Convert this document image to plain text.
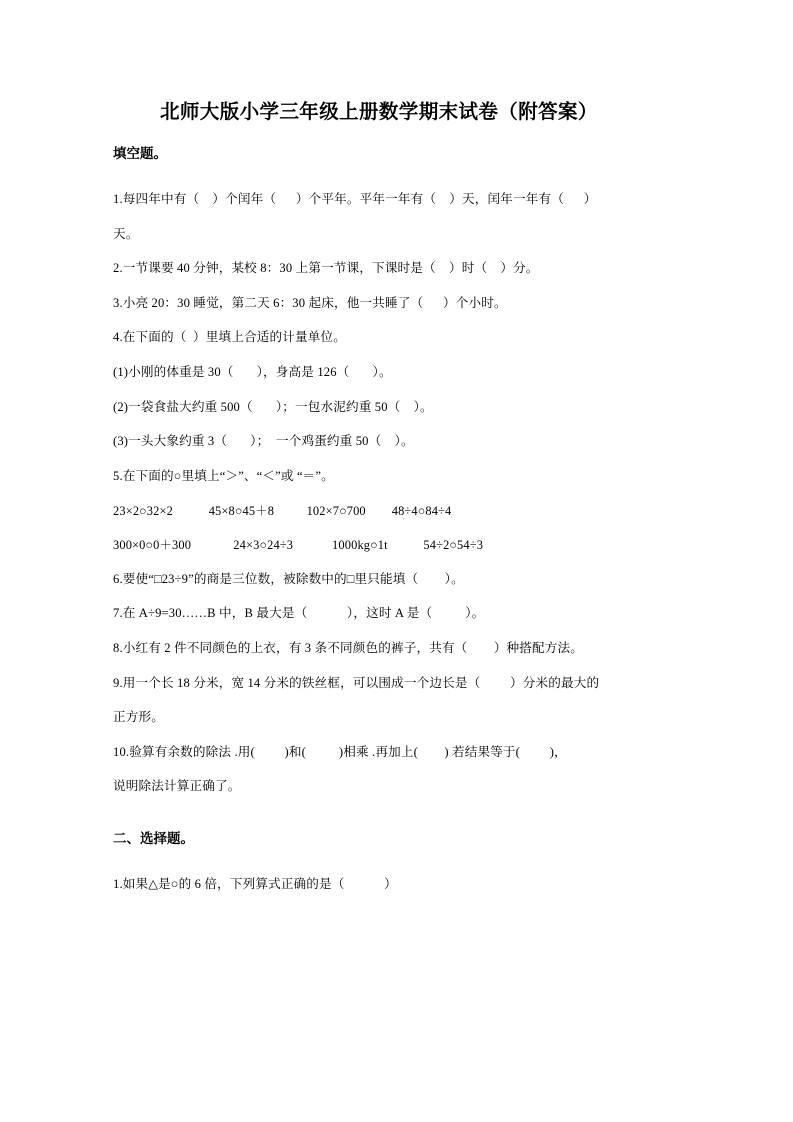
北师大版小学三年级上册数学期末试卷（附答案）
填空题。

1.每四年中有（    ）个闰年（      ）个平年。平年一年有（    ）天，闰年一年有（      ）

天。

2.一节课要 40 分钟，某校 8：30 上第一节课，下课时是（    ）时（    ）分。

3.小亮 20：30 睡觉，第二天 6：30 起床，他一共睡了（      ）个小时。

4.在下面的（  ）里填上合适的计量单位。

(1)小刚的体重是 30（       ），身高是 126（       ）。

(2)一袋食盐大约重 500（       ）；一包水泥约重 50（    ）。

(3)一头大象约重 3（       ）；  一个鸡蛋约重 50（    ）。

5.在下面的○里填上“＞”、“＜”或 “＝”。

23×2○32×2           45×8○45＋8          102×7○700        48÷4○84÷4

300×0○0＋300             24×3○24÷3            1000kg○1t           54÷2○54÷3

6.要使“□23÷9”的商是三位数，被除数中的□里只能填（        ）。

7.在 A÷9=30……B 中，B 最大是（            ），这时 A 是（          ）。

8.小红有 2 件不同颜色的上衣，有 3 条不同颜色的裤子，共有（        ）种搭配方法。

9.用一个长 18 分米，宽 14 分米的铁丝框，可以围成一个边长是（         ）分米的最大的

正方形。

10.验算有余数的除法 .用(         )和(          )相乘 .再加上(        ) 若结果等于(         )，

说明除法计算正确了。

二、选择题。

1.如果△是○的 6 倍，下列算式正确的是（            ）
